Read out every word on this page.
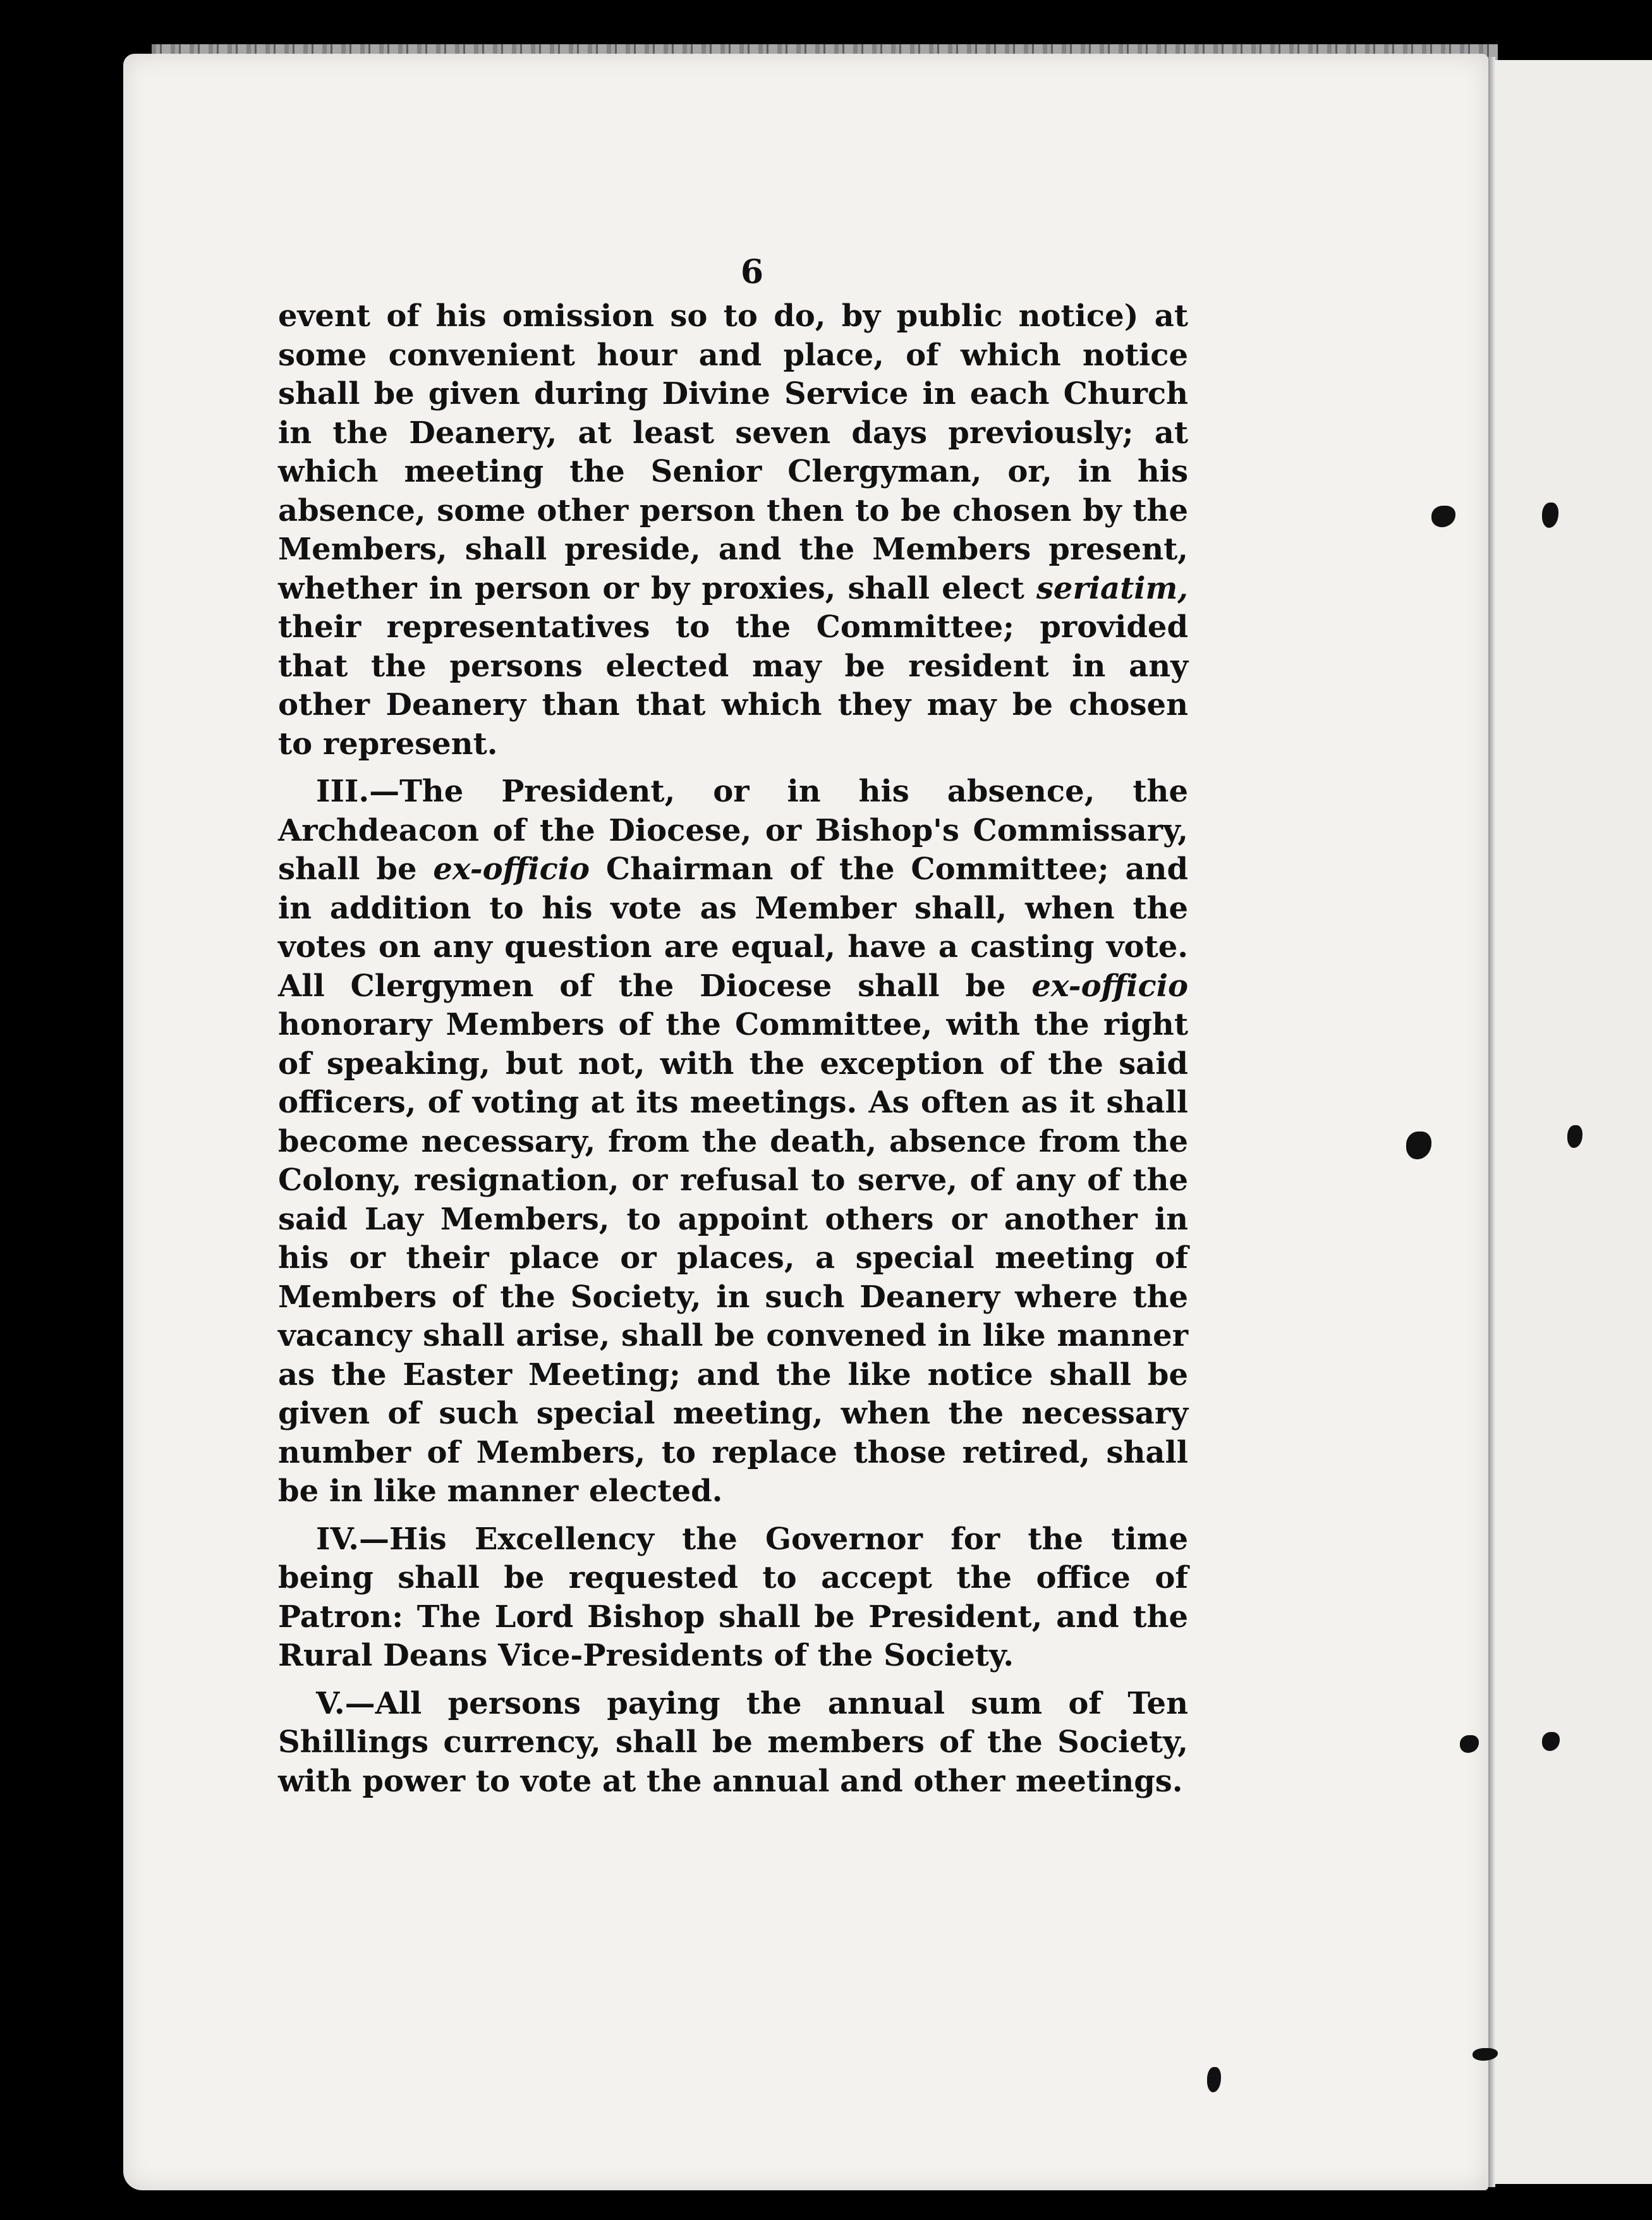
6

event of his omission so to do, by public notice) at some convenient hour and place, of which notice shall be given during Divine Service in each Church in the Deanery, at least seven days previously; at which meeting the Senior Clergyman, or, in his absence, some other person then to be chosen by the Members, shall preside, and the Members present, whether in person or by proxies, shall elect seriatim, their representatives to the Committee; provided that the persons elected may be resident in any other Deanery than that which they may be chosen to represent.

III.—The President, or in his absence, the Archdeacon of the Diocese, or Bishop's Commissary, shall be ex-officio Chairman of the Committee; and in addition to his vote as Member shall, when the votes on any question are equal, have a casting vote. All Clergymen of the Diocese shall be ex-officio honorary Members of the Committee, with the right of speaking, but not, with the exception of the said officers, of voting at its meetings. As often as it shall become necessary, from the death, absence from the Colony, resignation, or refusal to serve, of any of the said Lay Members, to appoint others or another in his or their place or places, a special meeting of Members of the Society, in such Deanery where the vacancy shall arise, shall be convened in like manner as the Easter Meeting; and the like notice shall be given of such special meeting, when the necessary number of Members, to replace those retired, shall be in like manner elected.

IV.—His Excellency the Governor for the time being shall be requested to accept the office of Patron: The Lord Bishop shall be President, and the Rural Deans Vice-Presidents of the Society.

V.—All persons paying the annual sum of Ten Shillings currency, shall be members of the Society, with power to vote at the annual and other meetings.
